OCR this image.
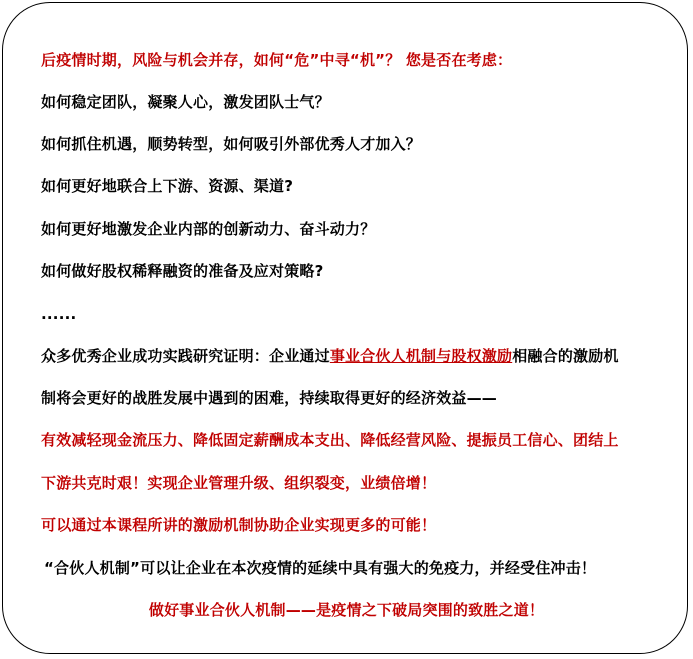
后疫情时期，风险与机会并存，如何“危”中寻“机”？ 您是否在考虑：
如何稳定团队，凝聚人心，激发团队士气？
如何抓住机遇，顺势转型，如何吸引外部优秀人才加入？
如何更好地联合上下游、资源、渠道?
如何更好地激发企业内部的创新动力、奋斗动力？
如何做好股权稀释融资的准备及应对策略?
......
众多优秀企业成功实践研究证明：企业通过事业合伙人机制与股权激励相融合的激励机
制将会更好的战胜发展中遇到的困难，持续取得更好的经济效益——
有效减轻现金流压力、降低固定薪酬成本支出、降低经营风险、提振员工信心、团结上
下游共克时艰！实现企业管理升级、组织裂变，业绩倍增！
可以通过本课程所讲的激励机制协助企业实现更多的可能！
“合伙人机制”可以让企业在本次疫情的延续中具有强大的免疫力，并经受住冲击！
做好事业合伙人机制——是疫情之下破局突围的致胜之道！
